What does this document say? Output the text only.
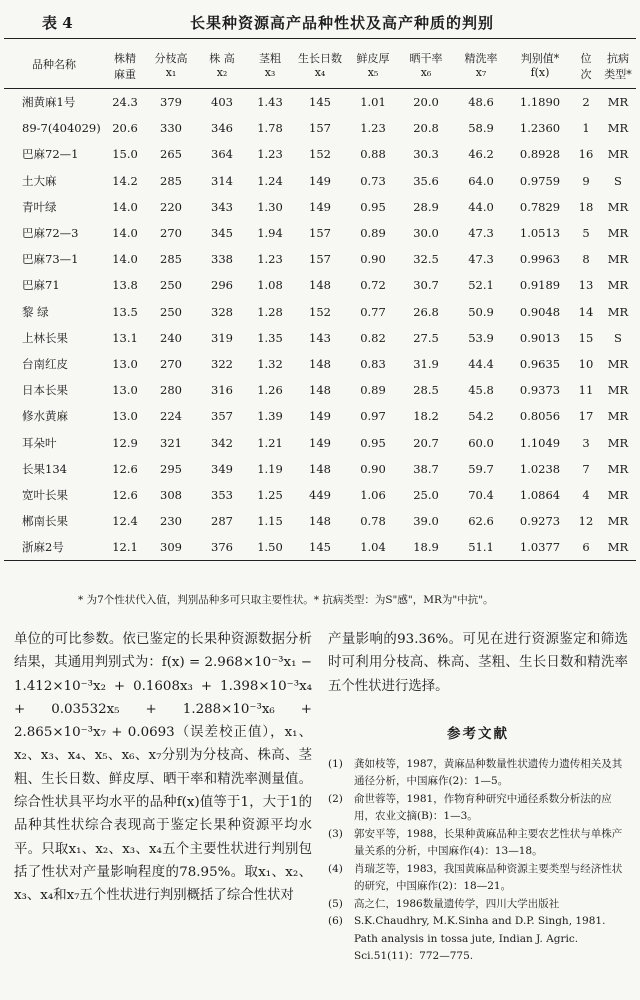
表 4	长果种资源高产品种性状及高产种质的判别
品种名称	株精	分枝高	株 高	茎粗	生长日数	鲜皮厚	晒干率	精洗率	判别值*	位	抗病
	麻重	x₁	x₂	x₃	x₄	x₅	x₆	x₇	f(x)	次	类型*
湘黄麻1号	24.3	379	403	1.43	145	1.01	20.0	48.6	1.1890	2	MR
89-7(404029)	20.6	330	346	1.78	157	1.23	20.8	58.9	1.2360	1	MR
巴麻72—1	15.0	265	364	1.23	152	0.88	30.3	46.2	0.8928	16	MR
土大麻	14.2	285	314	1.24	149	0.73	35.6	64.0	0.9759	9	S
青叶绿	14.0	220	343	1.30	149	0.95	28.9	44.0	0.7829	18	MR
巴麻72—3	14.0	270	345	1.94	157	0.89	30.0	47.3	1.0513	5	MR
巴麻73—1	14.0	285	338	1.23	157	0.90	32.5	47.3	0.9963	8	MR
巴麻71	13.8	250	296	1.08	148	0.72	30.7	52.1	0.9189	13	MR
黎 绿	13.5	250	328	1.28	152	0.77	26.8	50.9	0.9048	14	MR
上林长果	13.1	240	319	1.35	143	0.82	27.5	53.9	0.9013	15	S
台南红皮	13.0	270	322	1.32	148	0.83	31.9	44.4	0.9635	10	MR
日本长果	13.0	280	316	1.26	148	0.89	28.5	45.8	0.9373	11	MR
修水黄麻	13.0	224	357	1.39	149	0.97	18.2	54.2	0.8056	17	MR
耳朵叶	12.9	321	342	1.21	149	0.95	20.7	60.0	1.1049	3	MR
长果134	12.6	295	349	1.19	148	0.90	38.7	59.7	1.0238	7	MR
宽叶长果	12.6	308	353	1.25	449	1.06	25.0	70.4	1.0864	4	MR
郴南长果	12.4	230	287	1.15	148	0.78	39.0	62.6	0.9273	12	MR
浙麻2号	12.1	309	376	1.50	145	1.04	18.9	51.1	1.0377	6	MR
* 为7个性状代入值，判别品种多可只取主要性状。* 抗病类型：为S"感"，MR为"中抗"。

单位的可比参数。依已鉴定的长果种资源数据分析结果，其通用判别式为：f(x) = 2.968×10⁻³x₁ − 1.412×10⁻³x₂ + 0.1608x₃ + 1.398×10⁻³x₄ + 0.03532x₅ + 1.288×10⁻³x₆ + 2.865×10⁻³x₇ + 0.0693（误差校正值），x₁、x₂、x₃、x₄、x₅、x₆、x₇分别为分枝高、株高、茎粗、生长日数、鲜皮厚、晒干率和精洗率测量值。综合性状具平均水平的品种f(x)值等于1，大于1的品种其性状综合表现高于鉴定长果种资源平均水平。只取x₁、x₂、x₃、x₄五个主要性状进行判别包括了性状对产量影响程度的78.95%。取x₁、x₂、x₃、x₄和x₇五个性状进行判别概括了综合性状对

产量影响的93.36%。可见在进行资源鉴定和筛选时可利用分枝高、株高、茎粗、生长日数和精洗率五个性状进行选择。

参考文献
(1)	龚如枝等，1987，黄麻品种数量性状遗传力遗传相关及其通径分析，中国麻作(2)：1—5。
(2)	俞世蓉等，1981，作物育种研究中通径系数分析法的应用，农业文摘(B)：1—3。
(3)	郭安平等，1988，长果种黄麻品种主要农艺性状与单株产量关系的分析，中国麻作(4)：13—18。
(4)	肖瑞芝等，1983，我国黄麻品种资源主要类型与经济性状的研究，中国麻作(2)：18—21。
(5)	高之仁，1986数量遗传学，四川大学出版社
(6)	S.K.Chaudhry, M.K.Sinha and D.P. Singh, 1981. Path analysis in tossa jute, Indian J. Agric. Sci.51(11)：772—775.
